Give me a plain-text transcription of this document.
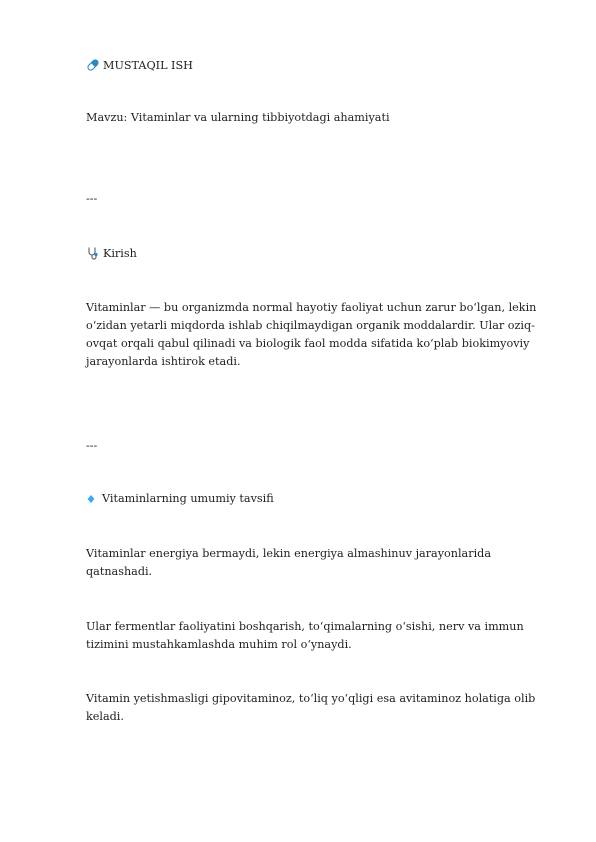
MUSTAQIL ISH

Mavzu: Vitaminlar va ularning tibbiyotdagi ahamiyati

---

Kirish

Vitaminlar — bu organizmda normal hayotiy faoliyat uchun zarur bo‘lgan, lekin o‘zidan yetarli miqdorda ishlab chiqilmaydigan organik moddalardir. Ular oziq-ovqat orqali qabul qilinadi va biologik faol modda sifatida ko‘plab biokimyoviy jarayonlarda ishtirok etadi.

---

Vitaminlarning umumiy tavsifi

Vitaminlar energiya bermaydi, lekin energiya almashinuv jarayonlarida qatnashadi.

Ular fermentlar faoliyatini boshqarish, to‘qimalarning o‘sishi, nerv va immun tizimini mustahkamlashda muhim rol o‘ynaydi.

Vitamin yetishmasligi gipovitaminoz, to‘liq yo‘qligi esa avitaminoz holatiga olib keladi.
